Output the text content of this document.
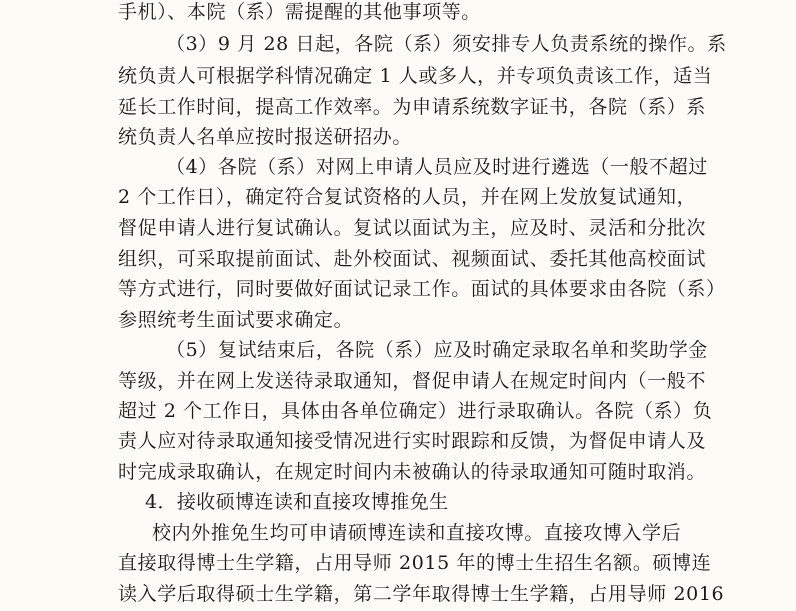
手机）、本院（系）需提醒的其他事项等。
（3）9 月 28 日起，各院（系）须安排专人负责系统的操作。系
统负责人可根据学科情况确定 1 人或多人，并专项负责该工作，适当
延长工作时间，提高工作效率。为申请系统数字证书，各院（系）系
统负责人名单应按时报送研招办。
（4）各院（系）对网上申请人员应及时进行遴选（一般不超过
2 个工作日），确定符合复试资格的人员，并在网上发放复试通知，
督促申请人进行复试确认。复试以面试为主，应及时、灵活和分批次
组织，可采取提前面试、赴外校面试、视频面试、委托其他高校面试
等方式进行，同时要做好面试记录工作。面试的具体要求由各院（系）
参照统考生面试要求确定。
（5）复试结束后，各院（系）应及时确定录取名单和奖助学金
等级，并在网上发送待录取通知，督促申请人在规定时间内（一般不
超过 2 个工作日，具体由各单位确定）进行录取确认。各院（系）负
责人应对待录取通知接受情况进行实时跟踪和反馈，为督促申请人及
时完成录取确认，在规定时间内未被确认的待录取通知可随时取消。
4．接收硕博连读和直接攻博推免生
校内外推免生均可申请硕博连读和直接攻博。直接攻博入学后
直接取得博士生学籍，占用导师 2015 年的博士生招生名额。硕博连
读入学后取得硕士生学籍，第二学年取得博士生学籍，占用导师 2016
